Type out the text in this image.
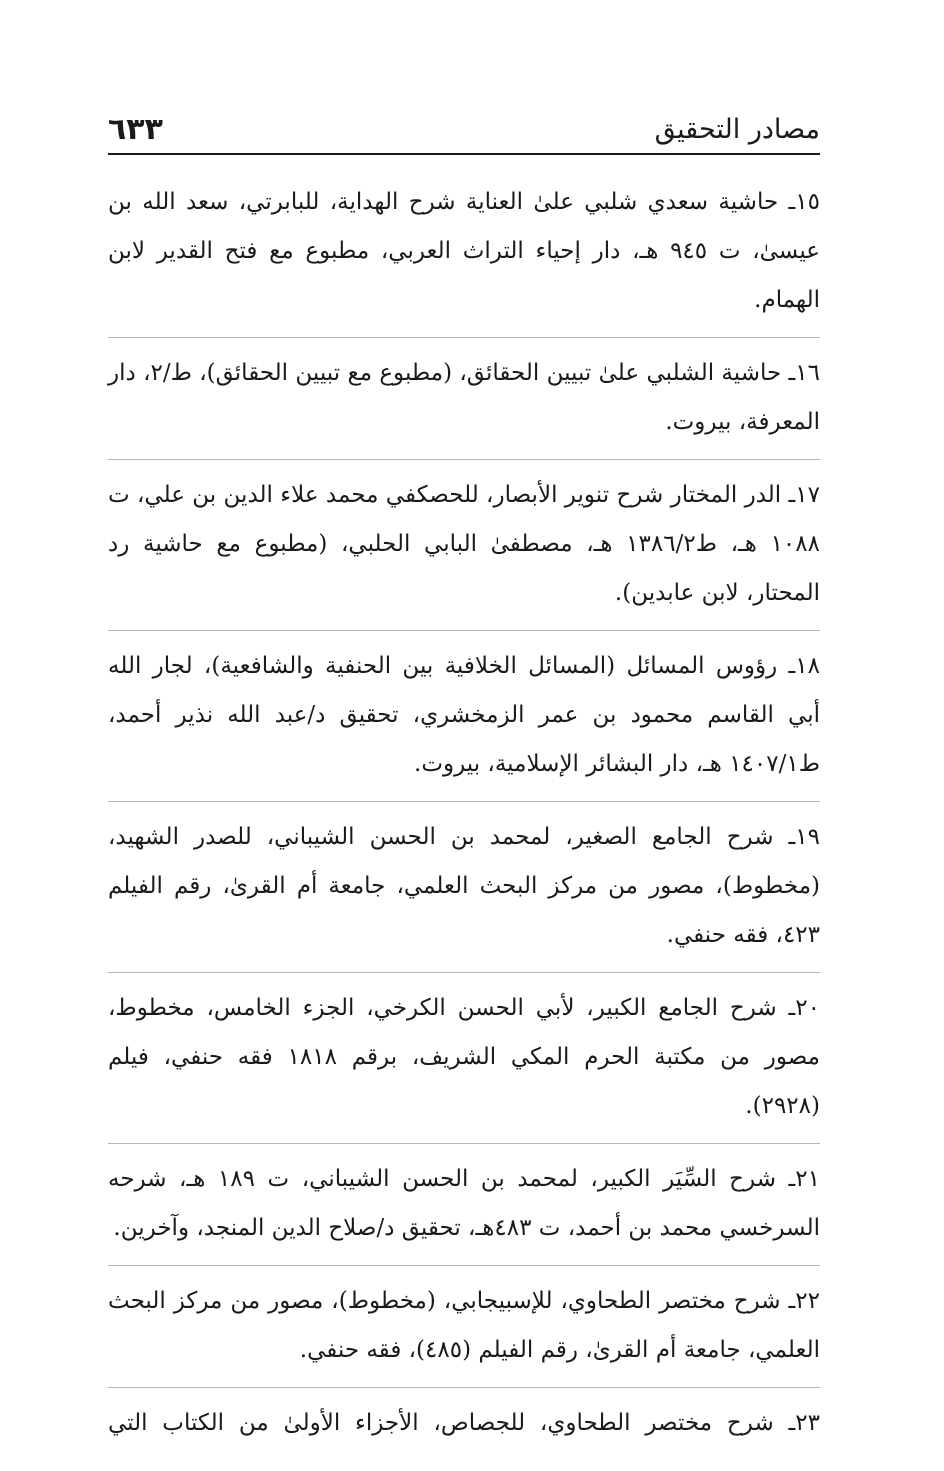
مصادر التحقيق
٦٣٣

١٥ـ حاشية سعدي شلبي علىٰ العناية شرح الهداية، للبابرتي، سعد الله بن عيسىٰ، ت ٩٤٥ هـ، دار إحياء التراث العربي، مطبوع مع فتح القدير لابن الهمام.

١٦ـ حاشية الشلبي علىٰ تبيين الحقائق، (مطبوع مع تبيين الحقائق)، ط/٢، دار المعرفة، بيروت.

١٧ـ الدر المختار شرح تنوير الأبصار، للحصكفي محمد علاء الدين بن علي، ت ١٠٨٨ هـ، ط١٣٨٦/٢ هـ، مصطفىٰ البابي الحلبي، (مطبوع مع حاشية رد المحتار، لابن عابدين).

١٨ـ رؤوس المسائل (المسائل الخلافية بين الحنفية والشافعية)، لجار الله أبي القاسم محمود بن عمر الزمخشري، تحقيق د/عبد الله نذير أحمد، ط١٤٠٧/١ هـ، دار البشائر الإسلامية، بيروت.

١٩ـ شرح الجامع الصغير، لمحمد بن الحسن الشيباني، للصدر الشهيد، (مخطوط)، مصور من مركز البحث العلمي، جامعة أم القرىٰ، رقم الفيلم ٤٢٣، فقه حنفي.

٢٠ـ شرح الجامع الكبير، لأبي الحسن الكرخي، الجزء الخامس، مخطوط، مصور من مكتبة الحرم المكي الشريف، برقم ١٨١٨ فقه حنفي، فيلم (٢٩٢٨).

٢١ـ شرح السِّيَر الكبير، لمحمد بن الحسن الشيباني، ت ١٨٩ هـ، شرحه السرخسي محمد بن أحمد، ت ٤٨٣هـ، تحقيق د/صلاح الدين المنجد، وآخرين.

٢٢ـ شرح مختصر الطحاوي، للإسبيجابي، (مخطوط)، مصور من مركز البحث العلمي، جامعة أم القرىٰ، رقم الفيلم (٤٨٥)، فقه حنفي.

٢٣ـ شرح مختصر الطحاوي، للجصاص، الأجزاء الأولىٰ من الكتاب التي
